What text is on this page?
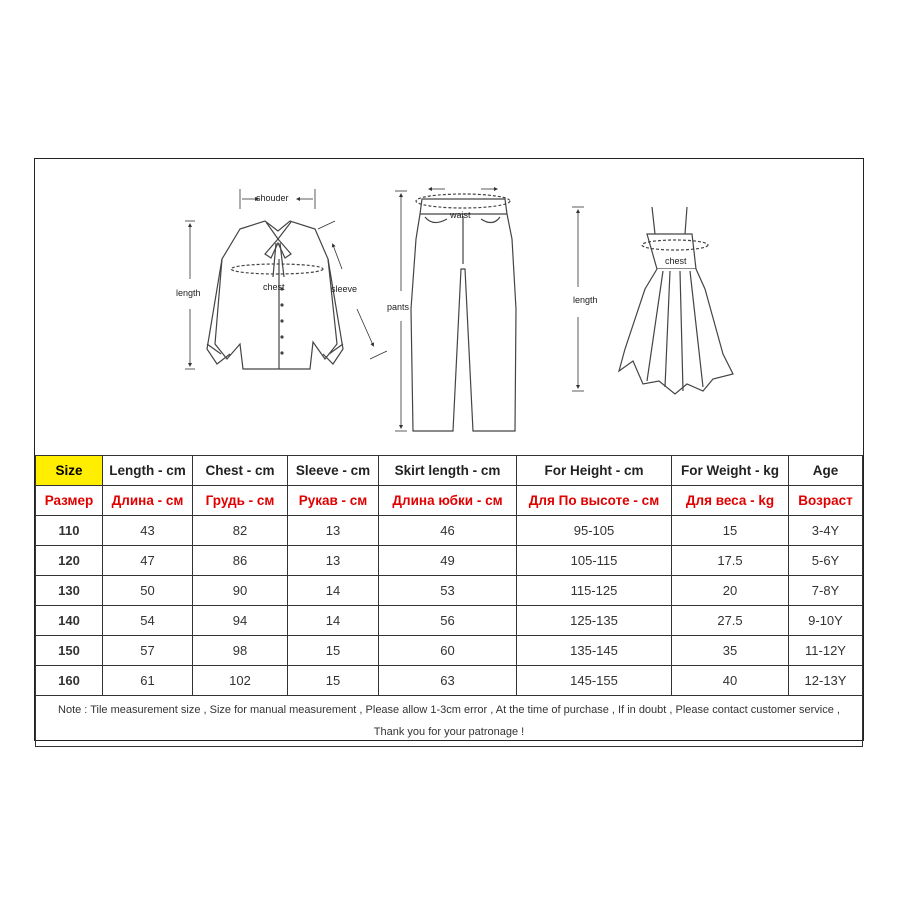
shouder
length
chest	sleeve
waist
pants
chest
length
Size	Length - cm	Chest - cm	Sleeve - cm	Skirt length - cm	For Height - cm	For Weight - kg	Age
Размер	Длина - см	Грудь - см	Рукав - см	Длина юбки - см	Для По высоте - см	Для веса - kg	Возраст
110	43	82	13	46	95-105	15	3-4Y
120	47	86	13	49	105-115	17.5	5-6Y
130	50	90	14	53	115-125	20	7-8Y
140	54	94	14	56	125-135	27.5	9-10Y
150	57	98	15	60	135-145	35	11-12Y
160	61	102	15	63	145-155	40	12-13Y
Note : Tile measurement size , Size for manual measurement , Please allow 1-3cm error , At the time of purchase , If in doubt , Please contact customer service , Thank you for your patronage !							
